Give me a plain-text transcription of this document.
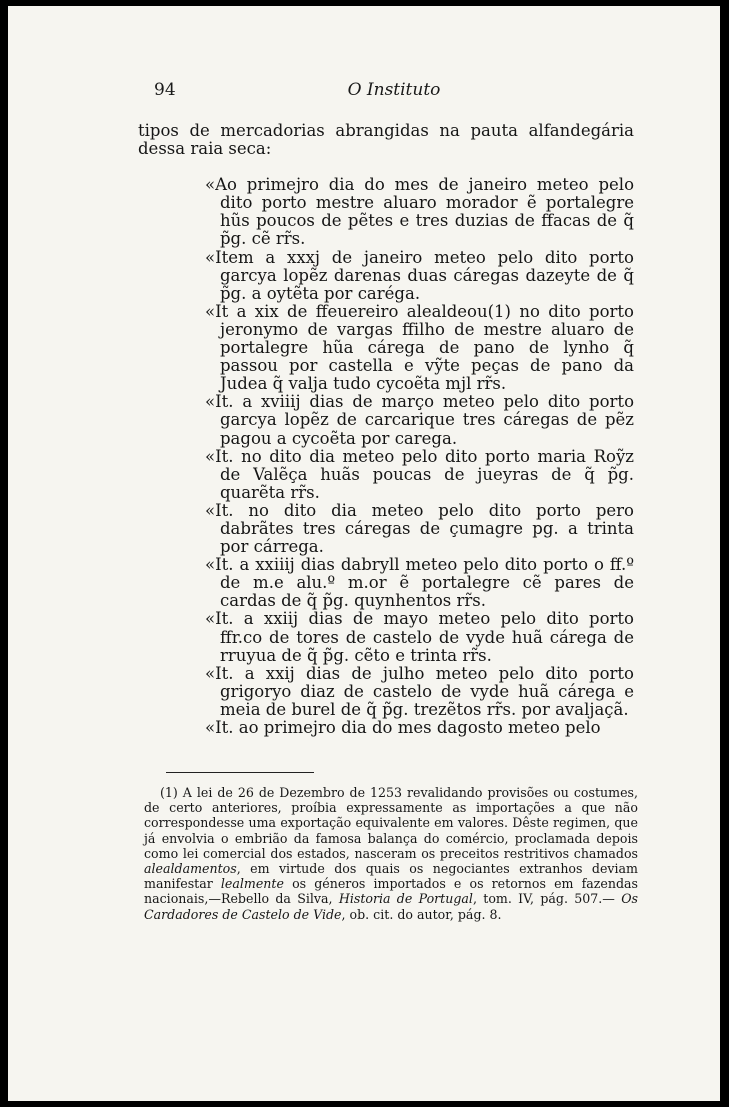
94	O Instituto

tipos de mercadorias abrangidas na pauta alfandegária dessa raia seca:

«Ao primejro dia do mes de janeiro meteo pelo dito porto mestre aluaro morador ẽ portalegre hũs poucos de pẽtes e tres duzias de ffacas de q̃ p̃g. cẽ rr̃s.

«Item a xxxj de janeiro meteo pelo dito porto garcya lopẽz darenas duas cáregas dazeyte de q̃ p̃g. a oytẽta por caréga.

«It a xix de ffeuereiro alealdeou(1) no dito porto jeronymo de vargas ffilho de mestre aluaro de portalegre hũa cárega de pano de lynho q̃ passou por castella e vỹte peças de pano da Judea q̃ valja tudo cycoẽta mjl rr̃s.

«It. a xviiij dias de março meteo pelo dito porto garcya lopẽz de carcarique tres cáregas de pẽz pagou a cycoẽta por carega.

«It. no dito dia meteo pelo dito porto maria Roỹz de Valẽça huãs poucas de jueyras de q̃ p̃g. quarẽta rr̃s.

«It. no dito dia meteo pelo dito porto pero dabrãtes tres cáregas de çumagre pg. a trinta por cárrega.

«It. a xxiiij dias dabryll meteo pelo dito porto o ff.º de m.e alu.º m.or ẽ portalegre cẽ pares de cardas de q̃ p̃g. quynhentos rr̃s.

«It. a xxiij dias de mayo meteo pelo dito porto ffr.co de tores de castelo de vyde huã cárega de rruyua de q̃ p̃g. cẽto e trinta rr̃s.

«It. a xxij dias de julho meteo pelo dito porto grigoryo diaz de castelo de vyde huã cárega e meia de burel de q̃ p̃g. trezẽtos rr̃s. por avaljaçã.

«It. ao primejro dia do mes dagosto meteo pelo

(1) A lei de 26 de Dezembro de 1253 revalidando provisões ou costumes, de certo anteriores, proíbia expressamente as importações a que não correspondesse uma exportação equivalente em valores. Dêste regimen, que já envolvia o embrião da famosa balança do comércio, proclamada depois como lei comercial dos estados, nasceram os preceitos restritivos chamados alealdamentos, em virtude dos quais os negociantes extranhos deviam manifestar lealmente os géneros importados e os retornos em fazendas nacionais,—Rebello da Silva, Historia de Portugal, tom. IV, pág. 507.— Os Cardadores de Castelo de Vide, ob. cit. do autor, pág. 8.
